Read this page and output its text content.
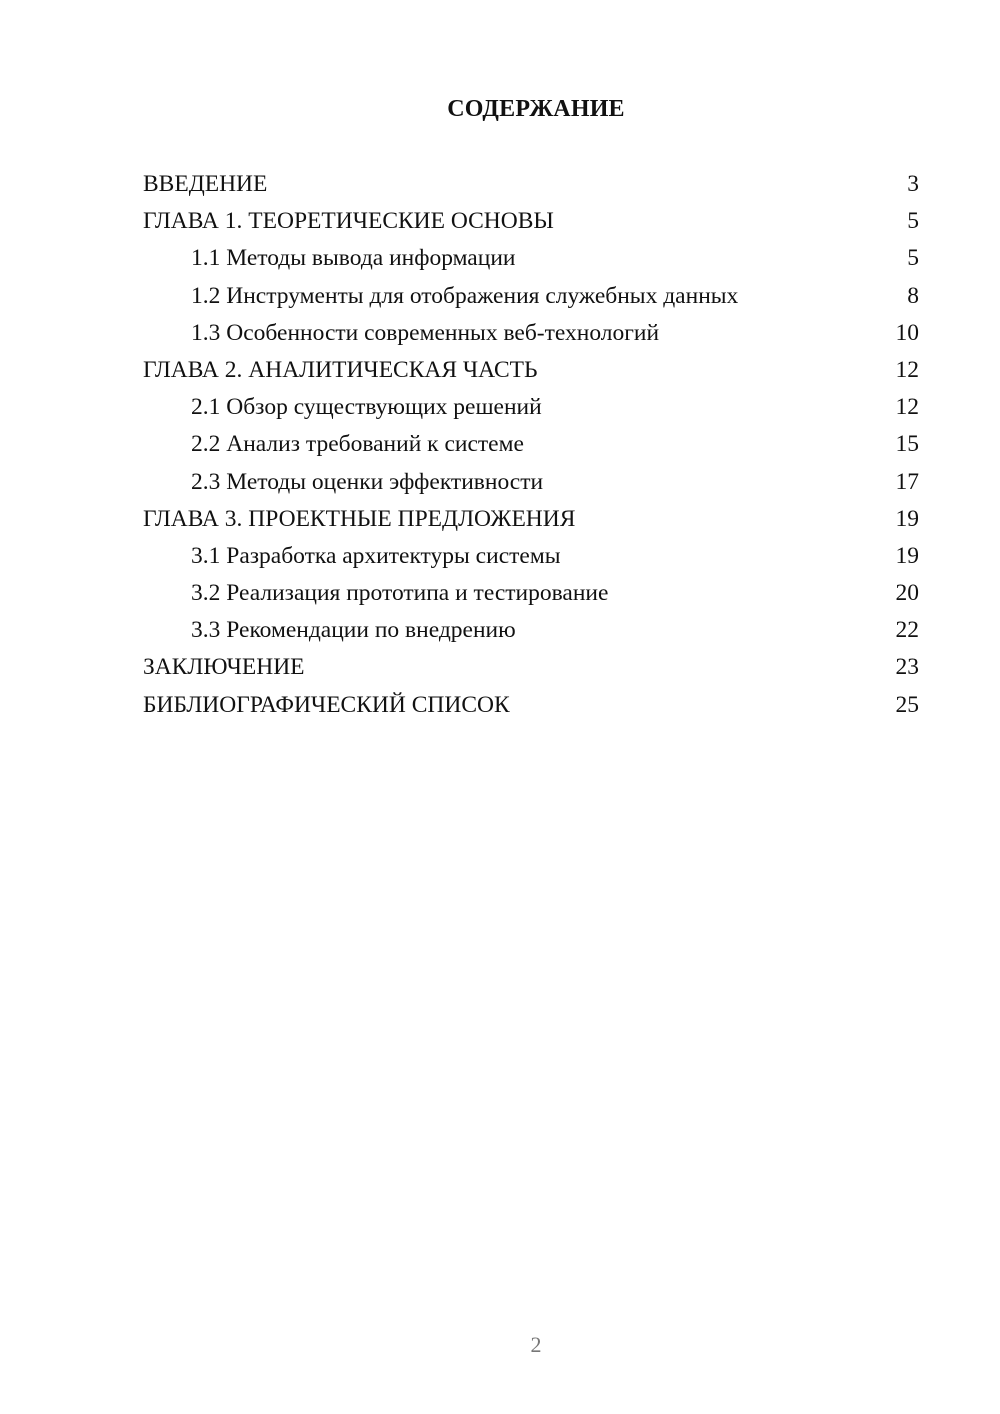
СОДЕРЖАНИЕ
ВВЕДЕНИЕ	3
ГЛАВА 1. ТЕОРЕТИЧЕСКИЕ ОСНОВЫ	5
1.1 Методы вывода информации	5
1.2 Инструменты для отображения служебных данных	8
1.3 Особенности современных веб-технологий	10
ГЛАВА 2. АНАЛИТИЧЕСКАЯ ЧАСТЬ	12
2.1 Обзор существующих решений	12
2.2 Анализ требований к системе	15
2.3 Методы оценки эффективности	17
ГЛАВА 3. ПРОЕКТНЫЕ ПРЕДЛОЖЕНИЯ	19
3.1 Разработка архитектуры системы	19
3.2 Реализация прототипа и тестирование	20
3.3 Рекомендации по внедрению	22
ЗАКЛЮЧЕНИЕ	23
БИБЛИОГРАФИЧЕСКИЙ СПИСОК	25
2
